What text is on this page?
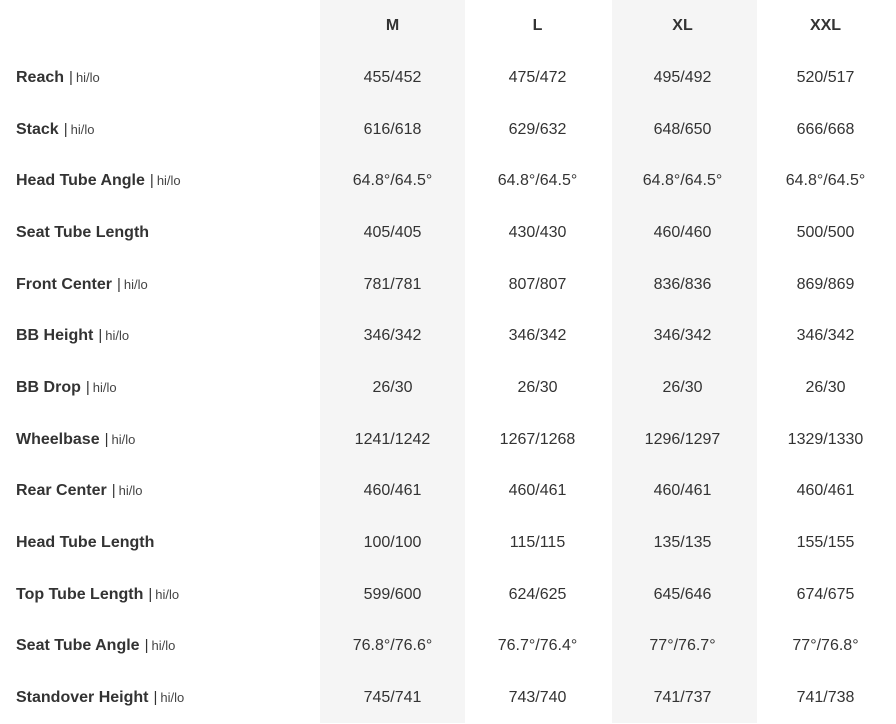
	M	L	XL	XXL
Reach | hi/lo	455/452	475/472	495/492	520/517
Stack | hi/lo	616/618	629/632	648/650	666/668
Head Tube Angle | hi/lo	64.8°/64.5°	64.8°/64.5°	64.8°/64.5°	64.8°/64.5°
Seat Tube Length	405/405	430/430	460/460	500/500
Front Center | hi/lo	781/781	807/807	836/836	869/869
BB Height | hi/lo	346/342	346/342	346/342	346/342
BB Drop | hi/lo	26/30	26/30	26/30	26/30
Wheelbase | hi/lo	1241/1242	1267/1268	1296/1297	1329/1330
Rear Center | hi/lo	460/461	460/461	460/461	460/461
Head Tube Length	100/100	115/115	135/135	155/155
Top Tube Length | hi/lo	599/600	624/625	645/646	674/675
Seat Tube Angle | hi/lo	76.8°/76.6°	76.7°/76.4°	77°/76.7°	77°/76.8°
Standover Height | hi/lo	745/741	743/740	741/737	741/738
